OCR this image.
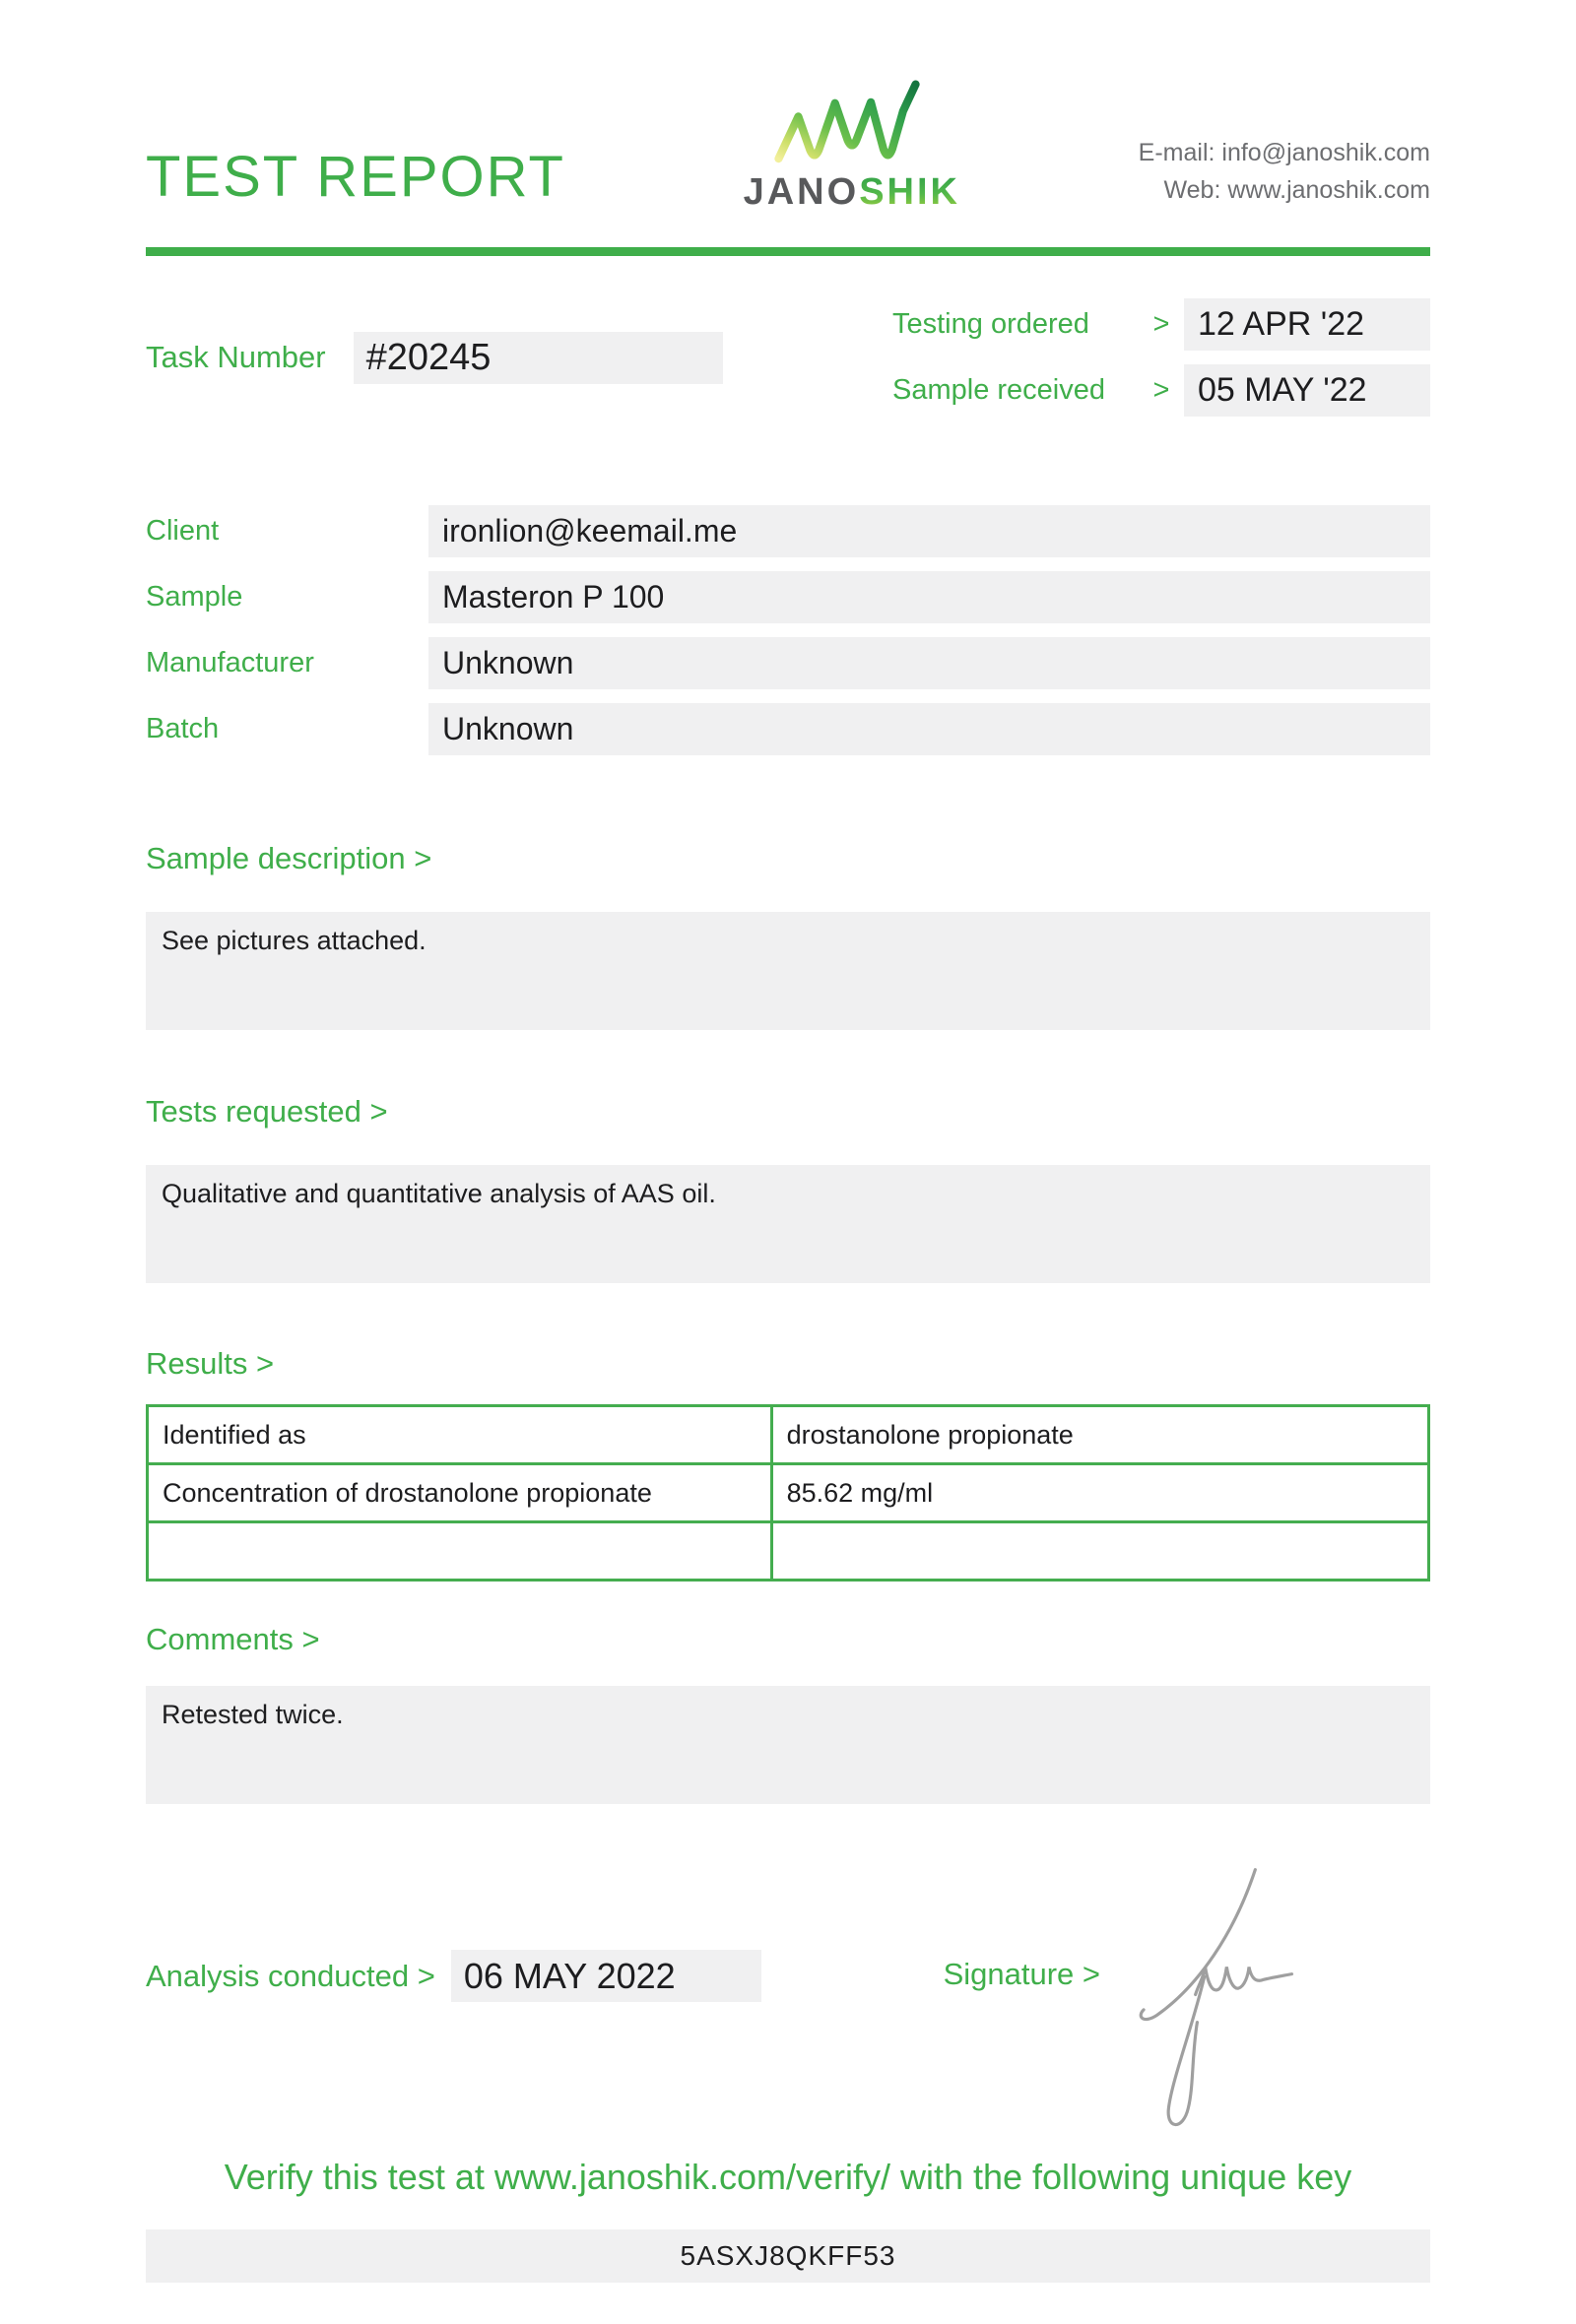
TEST REPORT	JANOSHIK
E-mail: info@janoshik.com
Web: www.janoshik.com
Task Number	#20245
Testing ordered	> 12 APR '22
Sample received	> 05 MAY '22
Client	ironlion@keemail.me
Sample	Masteron P 100
Manufacturer	Unknown
Batch	Unknown
Sample description >
See pictures attached.
Tests requested >
Qualitative and quantitative analysis of AAS oil.
Results >
Identified as	drostanolone propionate
Concentration of drostanolone propionate	85.62 mg/ml

Comments >
Retested twice.
Analysis conducted > 06 MAY 2022	Signature >
Verify this test at www.janoshik.com/verify/ with the following unique key
5ASXJ8QKFF53
